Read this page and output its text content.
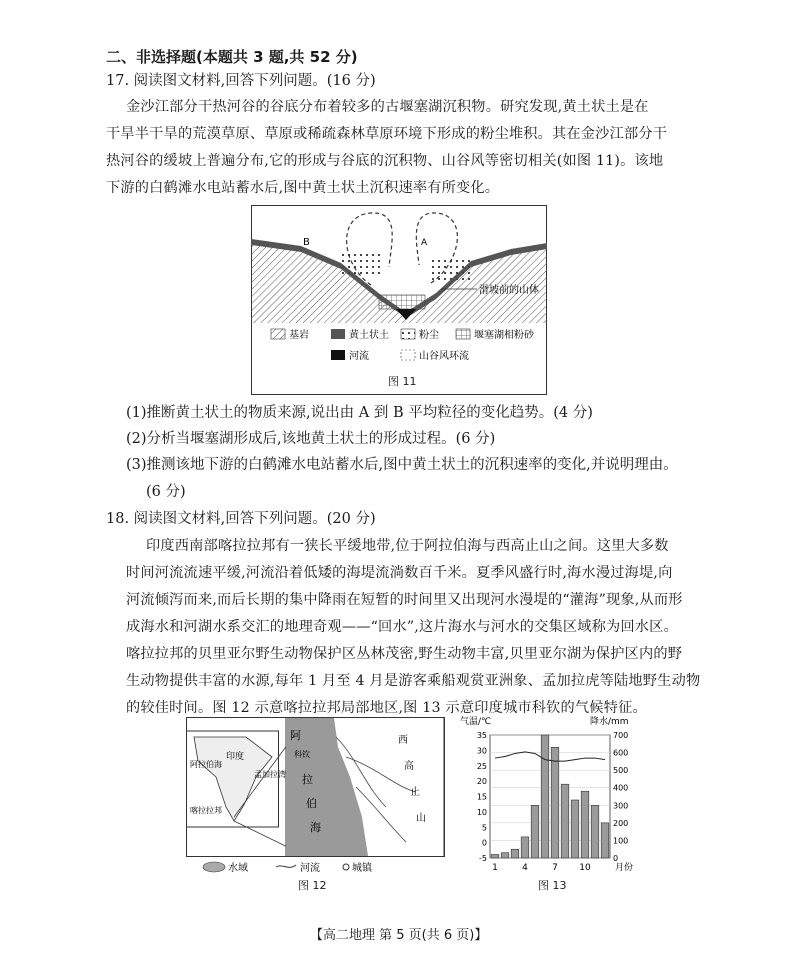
二、非选择题(本题共 3 题,共 52 分)
17. 阅读图文材料,回答下列问题。(16 分)
金沙江部分干热河谷的谷底分布着较多的古堰塞湖沉积物。研究发现,黄土状土是在
干旱半干旱的荒漠草原、草原或稀疏森林草原环境下形成的粉尘堆积。其在金沙江部分干
热河谷的缓坡上普遍分布,它的形成与谷底的沉积物、山谷风等密切相关(如图 11)。该地
下游的白鹤滩水电站蓄水后,图中黄土状土沉积速率有所变化。
B	A
滑坡前的山体
基岩	黄土状土	粉尘	堰塞湖相粉砂
河流	山谷风环流
图 11
(1)推断黄土状土的物质来源,说出由 A 到 B 平均粒径的变化趋势。(4 分)
(2)分析当堰塞湖形成后,该地黄土状土的形成过程。(6 分)
(3)推测该地下游的白鹤滩水电站蓄水后,图中黄土状土的沉积速率的变化,并说明理由。
(6 分)
18. 阅读图文材料,回答下列问题。(20 分)
印度西南部喀拉拉邦有一狭长平缓地带,位于阿拉伯海与西高止山之间。这里大多数
时间河流流速平缓,河流沿着低矮的海堤流淌数百千米。夏季风盛行时,海水漫过海堤,向
河流倾泻而来,而后长期的集中降雨在短暂的时间里又出现河水漫堤的“灌海”现象,从而形
成海水和河湖水系交汇的地理奇观——“回水”,这片海水与河水的交集区域称为回水区。
喀拉拉邦的贝里亚尔野生动物保护区丛林茂密,野生动物丰富,贝里亚尔湖为保护区内的野
生动物提供丰富的水源,每年 1 月至 4 月是游客乘船观赏亚洲象、孟加拉虎等陆地野生动物
的较佳时间。图 12 示意喀拉拉邦局部地区,图 13 示意印度城市科钦的气候特征。
阿拉伯海
印度
孟加拉湾
喀拉拉邦
阿
科钦
拉
伯
海
西
高
止
山
水域	河流	城镇
图 12
气温/℃	降水/mm
700
600
500
400
300
200
100
0
35
30
25
20
15
10
5
0
-5
1	4	7 10	月份
图 13
【高二地理 第 5 页(共 6 页)】
